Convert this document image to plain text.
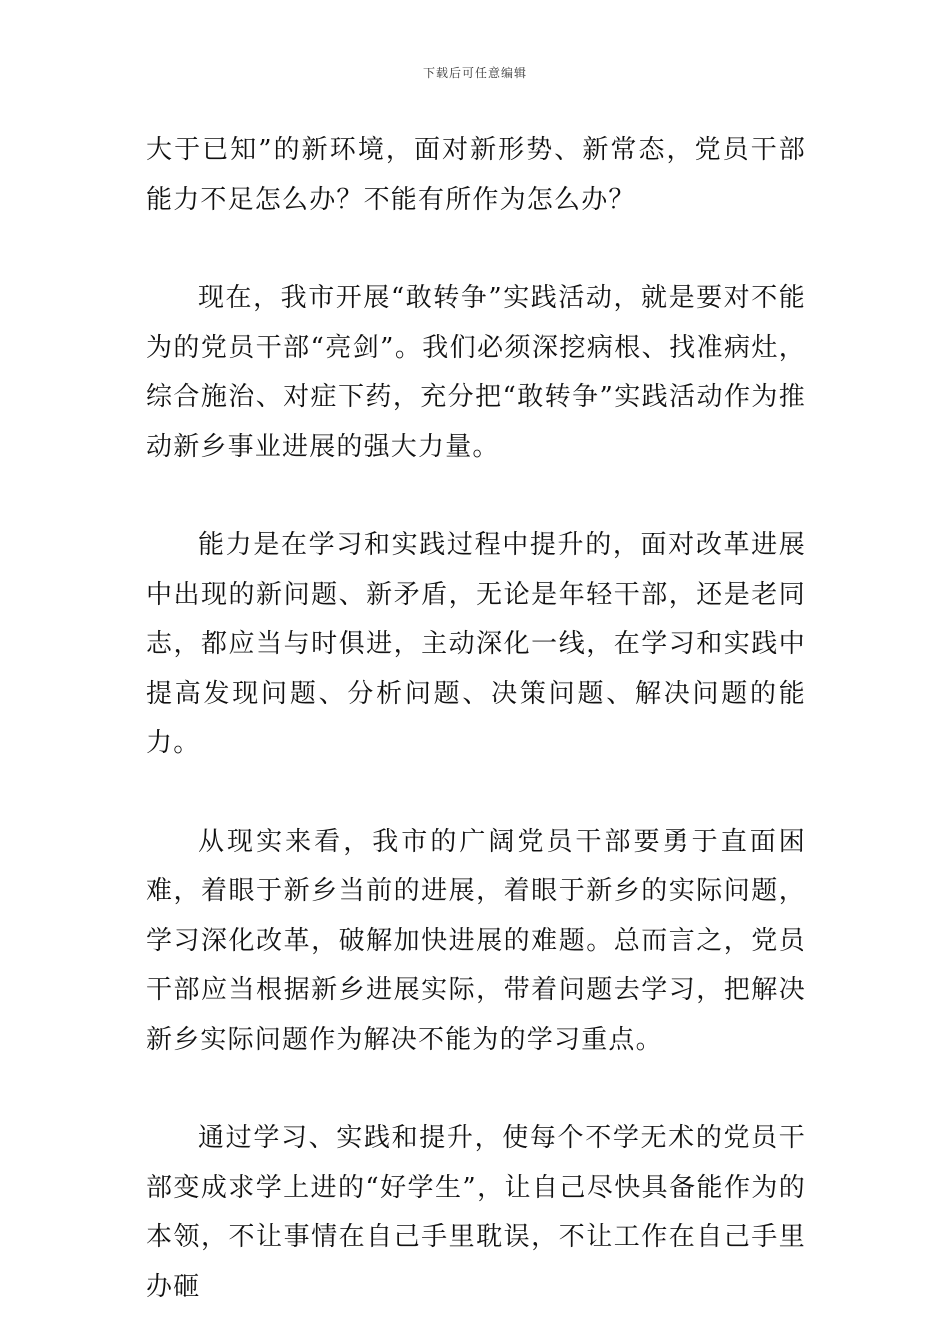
下载后可任意编辑

大于已知”的新环境，面对新形势、新常态，党员干部能力不足怎么办？不能有所作为怎么办？

现在，我市开展“敢转争”实践活动，就是要对不能为的党员干部“亮剑”。我们必须深挖病根、找准病灶，综合施治、对症下药，充分把“敢转争”实践活动作为推动新乡事业进展的强大力量。

能力是在学习和实践过程中提升的，面对改革进展中出现的新问题、新矛盾，无论是年轻干部，还是老同志，都应当与时俱进，主动深化一线，在学习和实践中提高发现问题、分析问题、决策问题、解决问题的能力。

从现实来看，我市的广阔党员干部要勇于直面困难，着眼于新乡当前的进展，着眼于新乡的实际问题，学习深化改革，破解加快进展的难题。总而言之，党员干部应当根据新乡进展实际，带着问题去学习，把解决新乡实际问题作为解决不能为的学习重点。

通过学习、实践和提升，使每个不学无术的党员干部变成求学上进的“好学生”，让自己尽快具备能作为的本领，不让事情在自己手里耽误，不让工作在自己手里办砸
